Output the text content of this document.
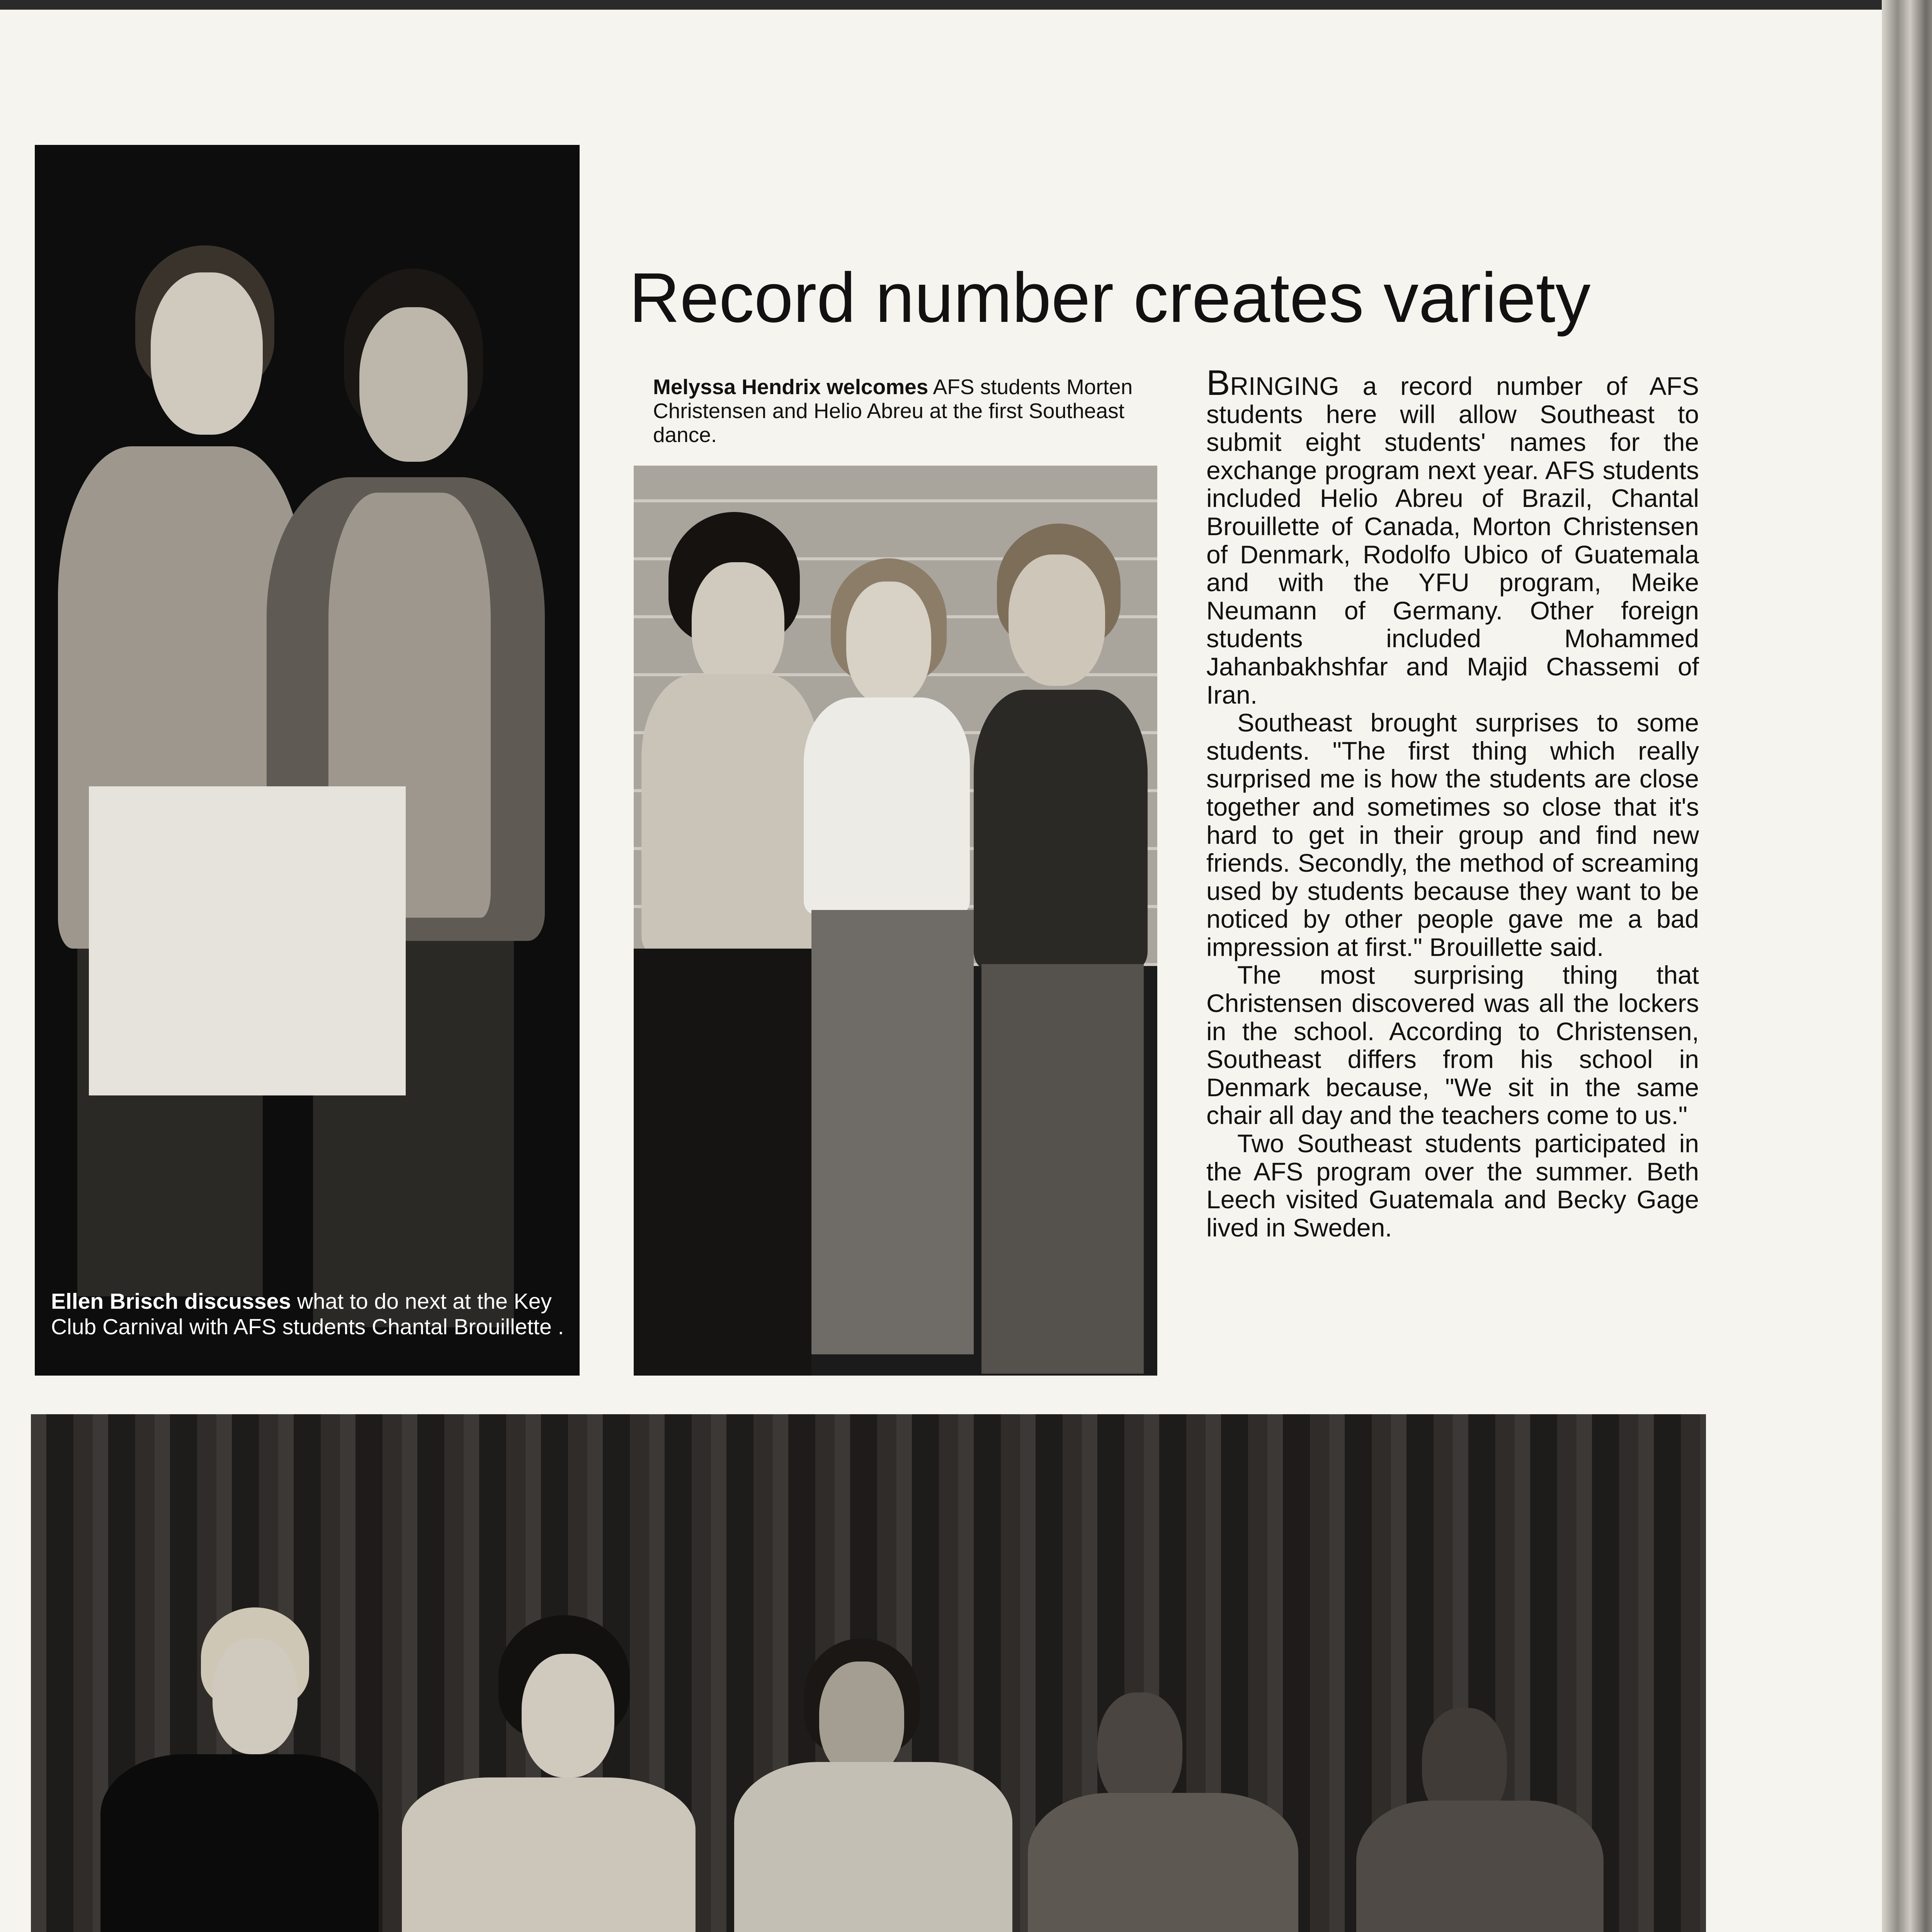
Ellen Brisch discusses what to do next at the Key Club Carnival with AFS students Chantal Brouillette .

Record number creates variety

Melyssa Hendrix welcomes AFS students Morten Christensen and Helio Abreu at the first Southeast dance.

BRINGING a record number of AFS students here will allow Southeast to submit eight students' names for the exchange program next year. AFS students included Helio Abreu of Brazil, Chantal Brouillette of Canada, Morton Christensen of Denmark, Rodolfo Ubico of Guatemala and with the YFU program, Meike Neumann of Germany. Other foreign students included Mohammed Jahanbakhshfar and Majid Chassemi of Iran.

Southeast brought surprises to some students. "The first thing which really surprised me is how the students are close together and sometimes so close that it's hard to get in their group and find new friends. Secondly, the method of screaming used by students because they want to be noticed by other people gave me a bad impression at first." Brouillette said.

The most surprising thing that Christensen discovered was all the lockers in the school. According to Christensen, Southeast differs from his school in Denmark because, "We sit in the same chair all day and the teachers come to us."

Two Southeast students participated in the AFS program over the summer. Beth Leech visited Guatemala and Becky Gage lived in Sweden.
